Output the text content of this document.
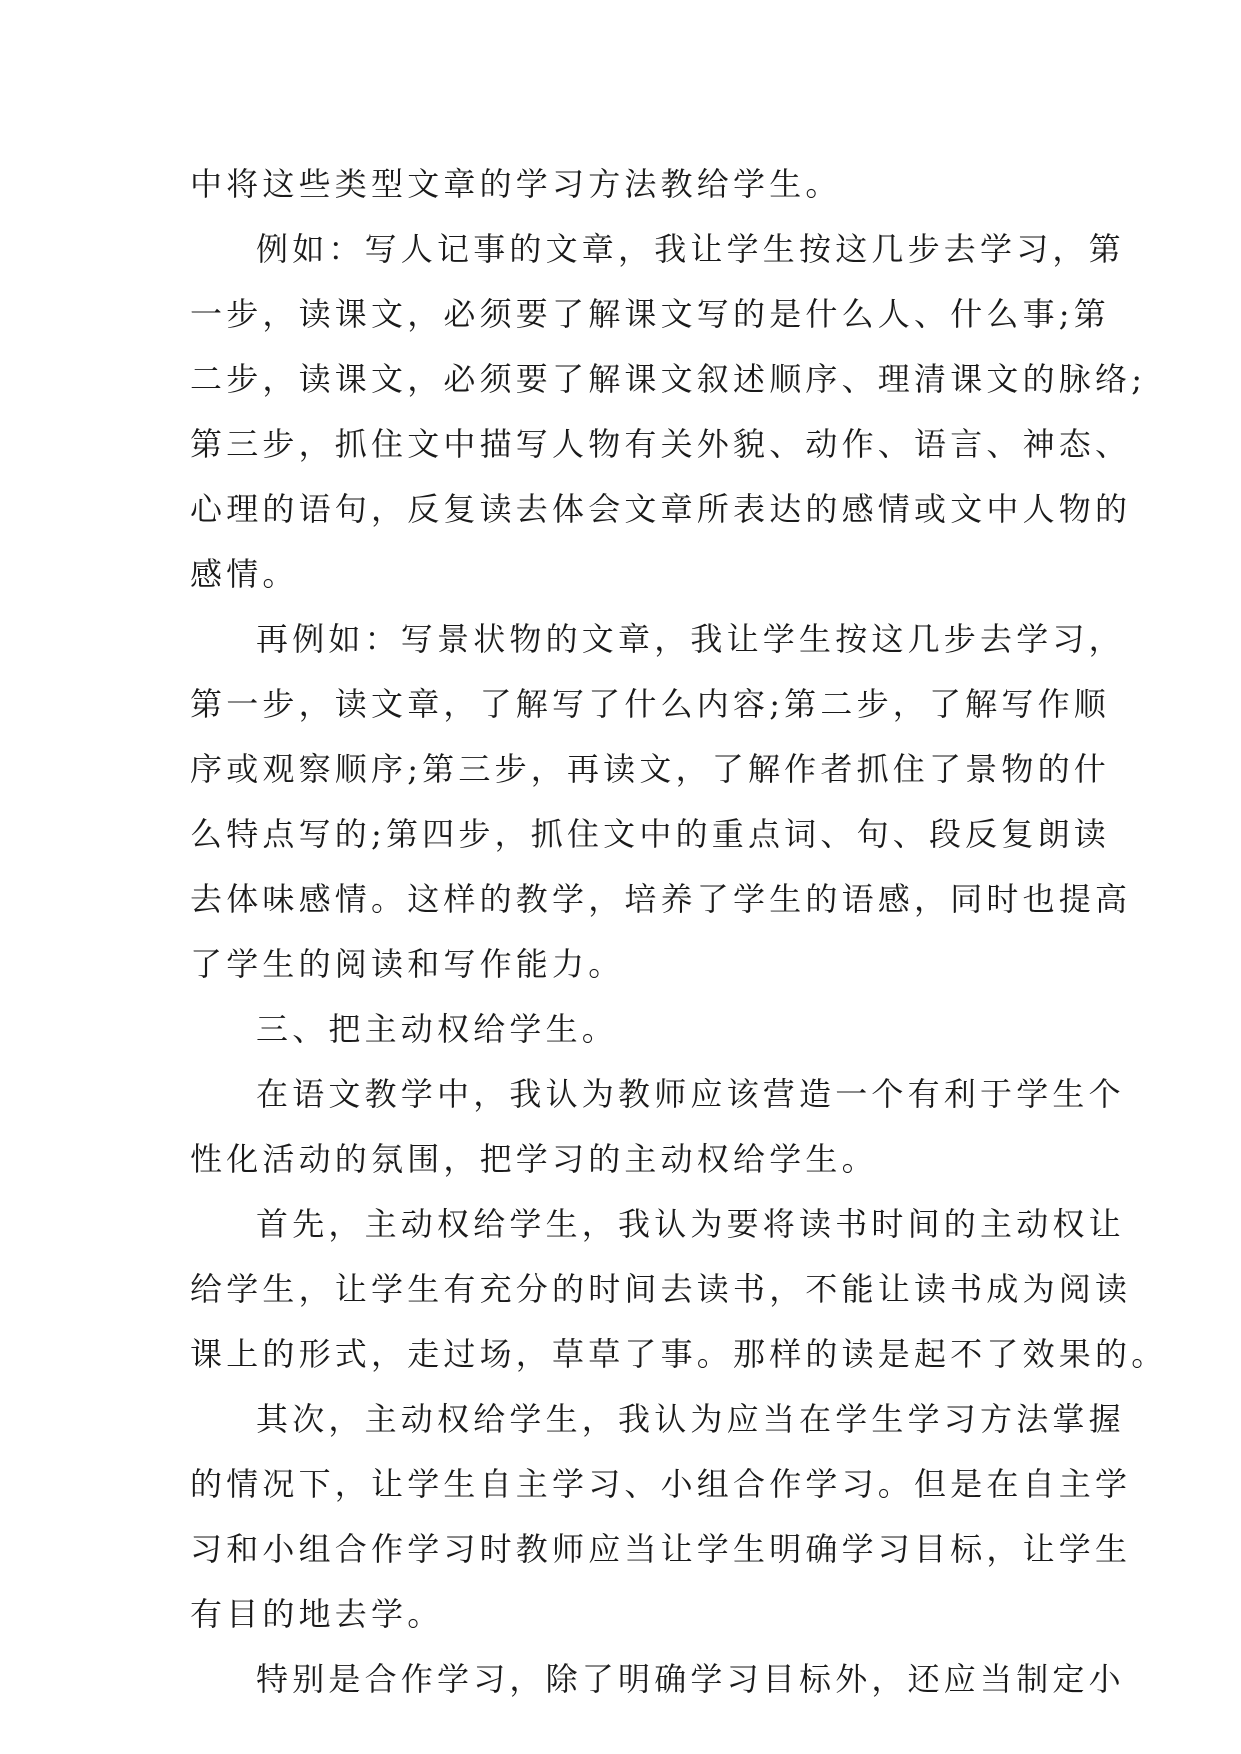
中将这些类型文章的学习方法教给学生。
例如：写人记事的文章，我让学生按这几步去学习，第
一步，读课文，必须要了解课文写的是什么人、什么事;第
二步，读课文，必须要了解课文叙述顺序、理清课文的脉络;
第三步，抓住文中描写人物有关外貌、动作、语言、神态、
心理的语句，反复读去体会文章所表达的感情或文中人物的
感情。
再例如：写景状物的文章，我让学生按这几步去学习，
第一步，读文章，了解写了什么内容;第二步，了解写作顺
序或观察顺序;第三步，再读文，了解作者抓住了景物的什
么特点写的;第四步，抓住文中的重点词、句、段反复朗读
去体味感情。这样的教学，培养了学生的语感，同时也提高
了学生的阅读和写作能力。
三、把主动权给学生。
在语文教学中，我认为教师应该营造一个有利于学生个
性化活动的氛围，把学习的主动权给学生。
首先，主动权给学生，我认为要将读书时间的主动权让
给学生，让学生有充分的时间去读书，不能让读书成为阅读
课上的形式，走过场，草草了事。那样的读是起不了效果的。
其次，主动权给学生，我认为应当在学生学习方法掌握
的情况下，让学生自主学习、小组合作学习。但是在自主学
习和小组合作学习时教师应当让学生明确学习目标，让学生
有目的地去学。
特别是合作学习，除了明确学习目标外，还应当制定小
